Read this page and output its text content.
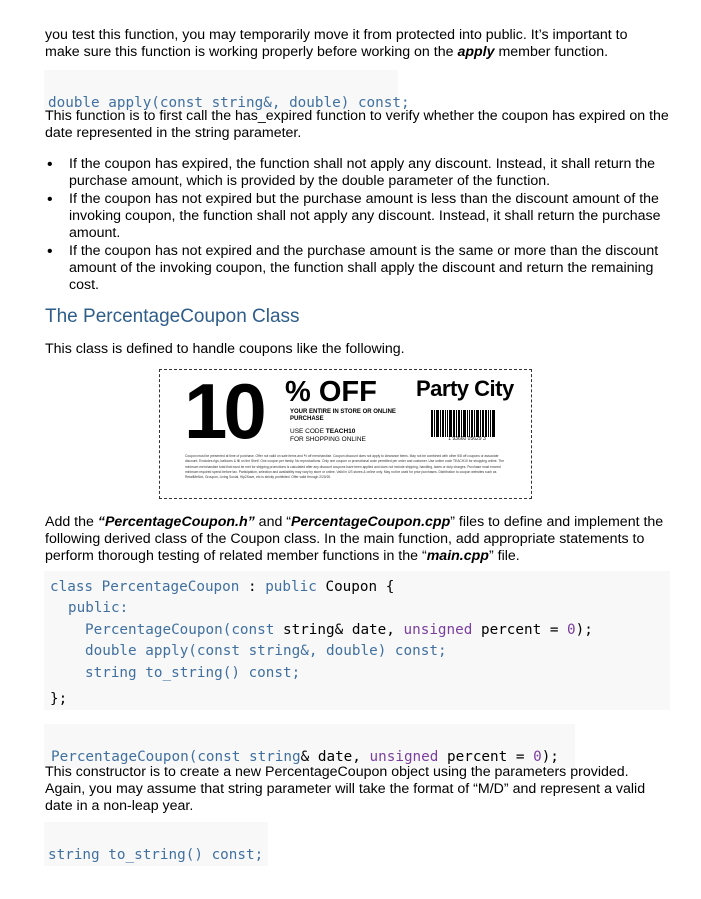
you test this function, you may temporarily move it from protected into public. It’s important to
make sure this function is working properly before working on the apply member function.

double apply(const string&, double) const;

This function is to first call the has_expired function to verify whether the coupon has expired on the date represented in the string parameter.

• If the coupon has expired, the function shall not apply any discount. Instead, it shall return the purchase amount, which is provided by the double parameter of the function.
• If the coupon has not expired but the purchase amount is less than the discount amount of the invoking coupon, the function shall not apply any discount. Instead, it shall return the purchase amount.
• If the coupon has not expired and the purchase amount is the same or more than the discount amount of the invoking coupon, the function shall apply the discount and return the remaining cost.
The PercentageCoupon Class

This class is defined to handle coupons like the following.

10 % OFF Party City
YOUR ENTIRE IN STORE OR ONLINE PURCHASE
USE CODE TEACH10
FOR SHOPPING ONLINE	1 93660 05629 3
Coupon must be presented at time of purchase. Offer not valid on sale items and ⅕ off merchandise. Coupon discount does not apply to clearance items. May not be combined with other 5/8 off coupons or associate discount. Excludes rigs, balloons & fill on the Shelf. One coupon per family. No reproductions. Only one coupon or promotional code permitted per order and customer. Use online code TEACH10 for shopping online. The minimum merchandise total that must be met for shipping promotions is calculated after any discount coupons have been applied and does not include shipping, handling, taxes or duty charges. Purchase must exceed minimum required spend before tax. Participation, selection and availability may vary by store or online. Valid in US stores & online only. May not be used for prior purchases. Distribution to coupon websites such as RetailMeNot, Groupon, Living Social, Hip2Save, etc is strictly prohibited. Offer valid through 2/20/20.

Add the “PercentageCoupon.h” and “PercentageCoupon.cpp” files to define and implement the following derived class of the Coupon class. In the main function, add appropriate statements to perform thorough testing of related member functions in the “main.cpp” file.

class PercentageCoupon : public Coupon {

public:

PercentageCoupon(const string& date, unsigned percent = 0);

double apply(const string&, double) const;

string to_string() const;

};

PercentageCoupon(const string& date, unsigned percent = 0);

This constructor is to create a new PercentageCoupon object using the parameters provided. Again, you may assume that string parameter will take the format of “M/D” and represent a valid date in a non-leap year.

string to_string() const;
